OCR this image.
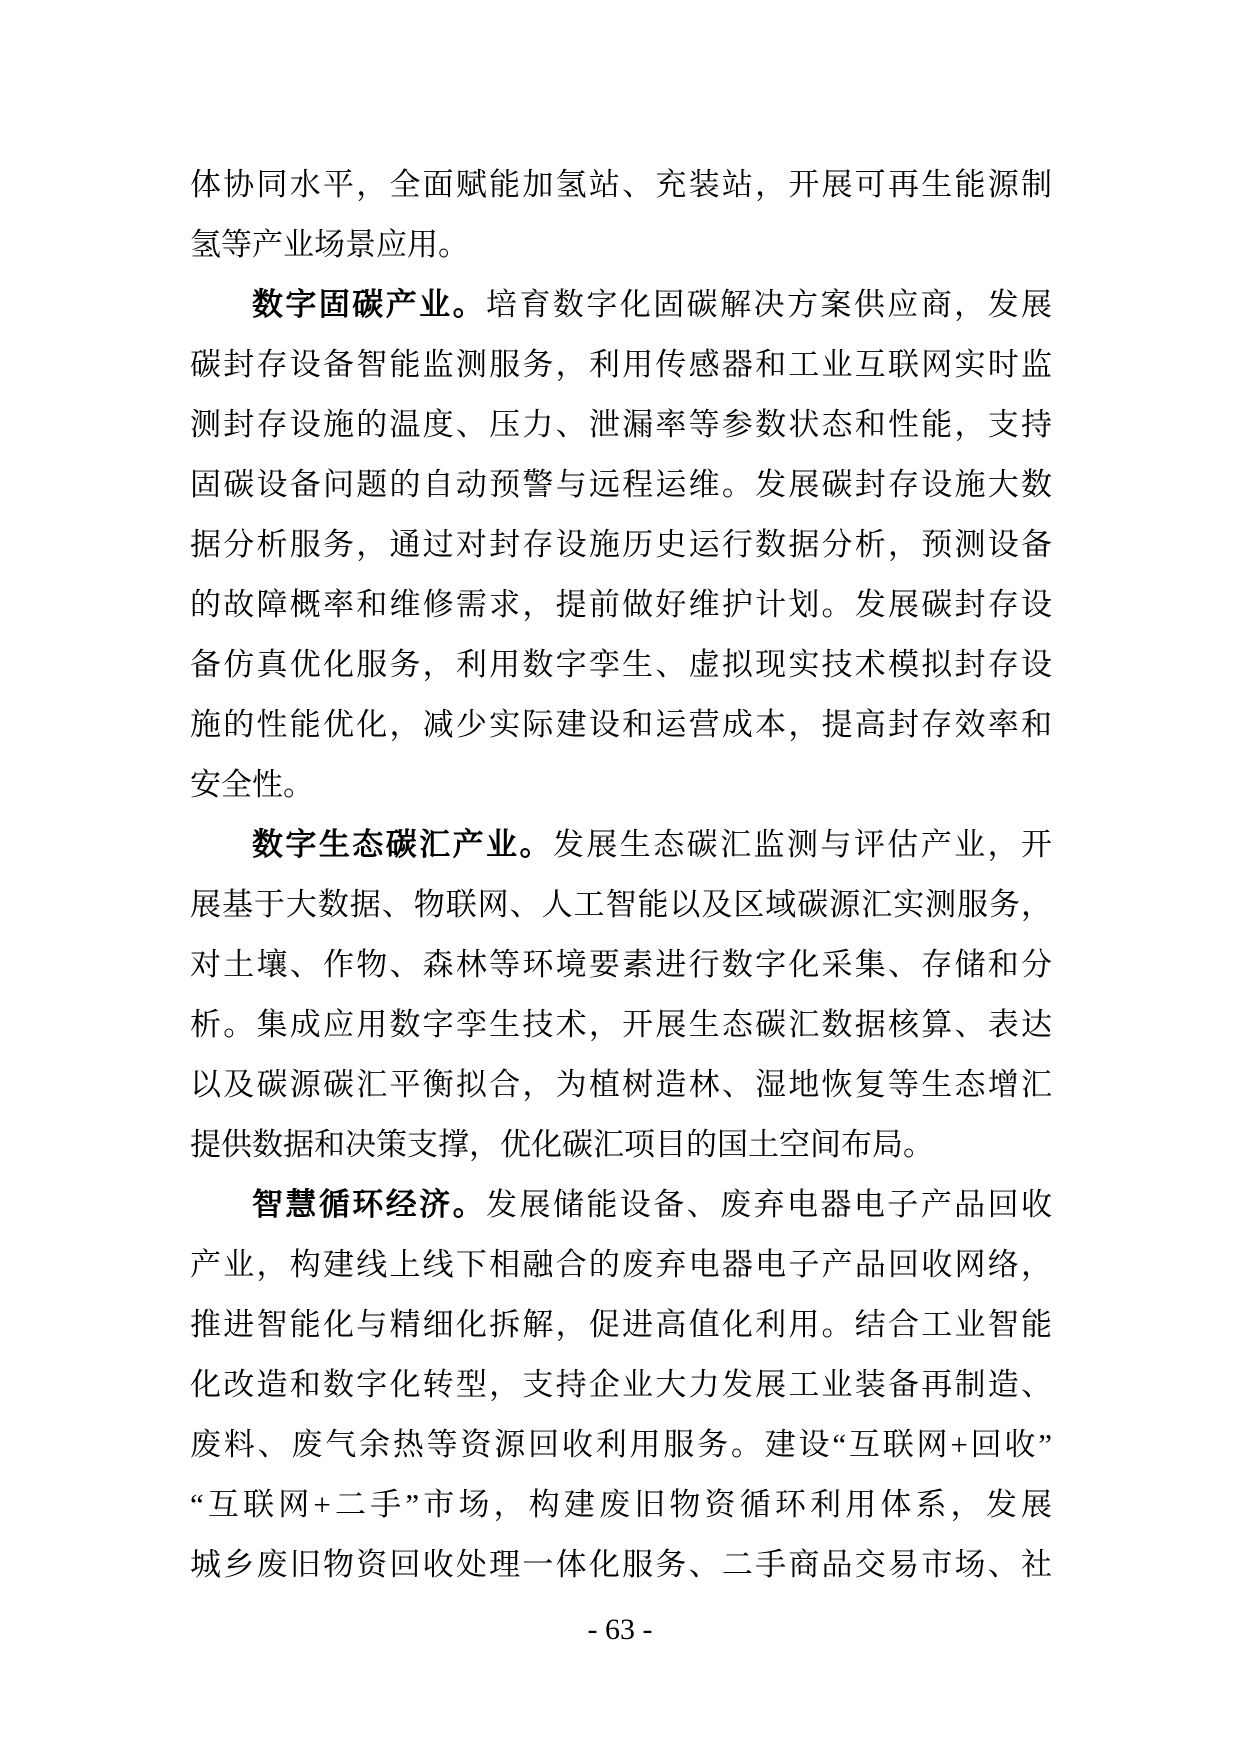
体协同水平，全面赋能加氢站、充装站，开展可再生能源制
氢等产业场景应用。
数字固碳产业。培育数字化固碳解决方案供应商，发展
碳封存设备智能监测服务，利用传感器和工业互联网实时监
测封存设施的温度、压力、泄漏率等参数状态和性能，支持
固碳设备问题的自动预警与远程运维。发展碳封存设施大数
据分析服务，通过对封存设施历史运行数据分析，预测设备
的故障概率和维修需求，提前做好维护计划。发展碳封存设
备仿真优化服务，利用数字孪生、虚拟现实技术模拟封存设
施的性能优化，减少实际建设和运营成本，提高封存效率和
安全性。
数字生态碳汇产业。发展生态碳汇监测与评估产业，开
展基于大数据、物联网、人工智能以及区域碳源汇实测服务，
对土壤、作物、森林等环境要素进行数字化采集、存储和分
析。集成应用数字孪生技术，开展生态碳汇数据核算、表达
以及碳源碳汇平衡拟合，为植树造林、湿地恢复等生态增汇
提供数据和决策支撑，优化碳汇项目的国土空间布局。
智慧循环经济。发展储能设备、废弃电器电子产品回收
产业，构建线上线下相融合的废弃电器电子产品回收网络，
推进智能化与精细化拆解，促进高值化利用。结合工业智能
化改造和数字化转型，支持企业大力发展工业装备再制造、
废料、废气余热等资源回收利用服务。建设“互联网+回收”
“互联网+二手”市场，构建废旧物资循环利用体系，发展
城乡废旧物资回收处理一体化服务、二手商品交易市场、社
- 63 -
